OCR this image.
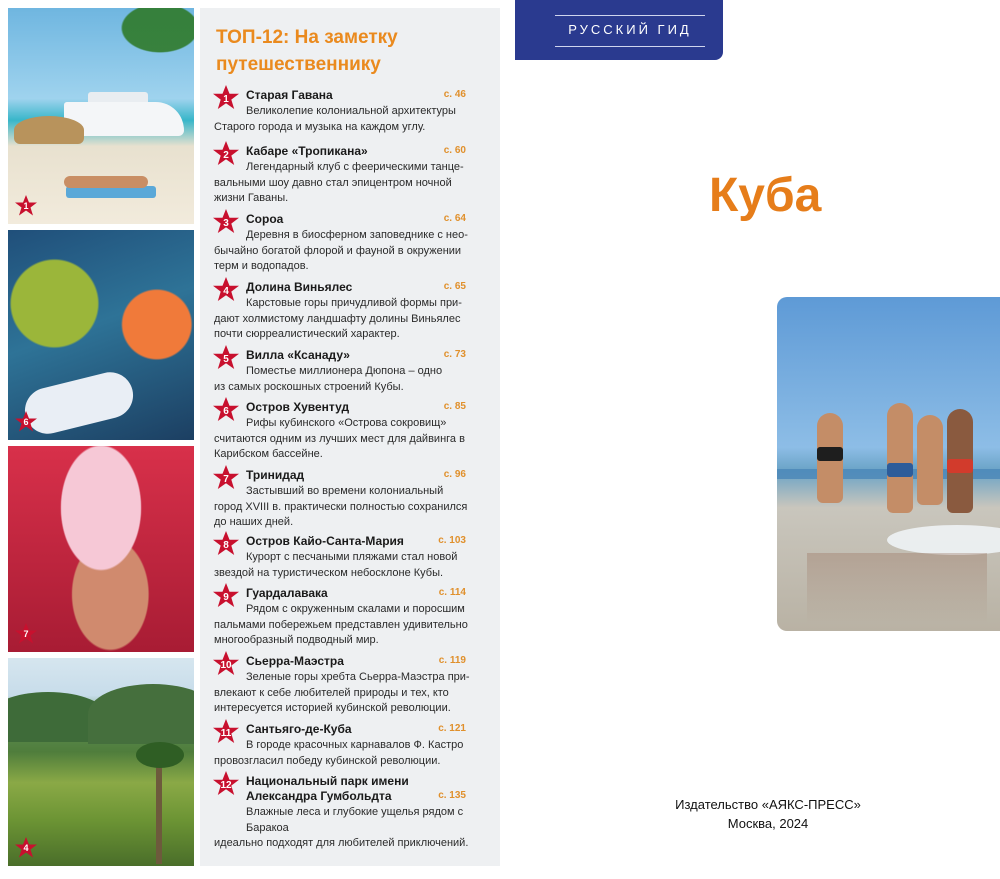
1
6
7
4
ТОП-12: На заметку путешественнику
1 Старая Гавана	с. 46
Великолепие колониальной архитектуры
Старого города и музыка на каждом углу.
2 Кабаре «Тропикана»	с. 60
Легендарный клуб с феерическими танце-
вальными шоу давно стал эпицентром ночной жизни Гаваны.
3 Сороа	с. 64
Деревня в биосферном заповеднике с нео-
бычайно богатой флорой и фауной в окружении терм и водопадов.
4 Долина Виньялес	с. 65
Карстовые горы причудливой формы при-
дают холмистому ландшафту долины Виньялес почти сюрреалистический характер.
5 Вилла «Ксанаду»	с. 73
Поместье миллионера Дюпона – одно
из самых роскошных строений Кубы.
6 Остров Хувентуд	с. 85
Рифы кубинского «Острова сокровищ»
считаются одним из лучших мест для дайвинга в Карибском бассейне.
7 Тринидад	с. 96
Застывший во времени колониальный
город XVIII в. практически полностью сохранился до наших дней.
8 Остров Кайо-Санта-Мария	с. 103
Курорт с песчаными пляжами стал новой
звездой на туристическом небосклоне Кубы.
9 Гуардалавака	с. 114
Рядом с окруженным скалами и поросшим
пальмами побережьем представлен удивительно многообразный подводный мир.
10 Сьерра-Маэстра	с. 119
Зеленые горы хребта Сьерра-Маэстра при-
влекают к себе любителей природы и тех, кто интересуется историей кубинской революции.
11 Сантьяго-де-Куба	с. 121
В городе красочных карнавалов Ф. Кастро
провозгласил победу кубинской революции.
12 Национальный парк имени Александра Гумбольдта	с. 135
Влажные леса и глубокие ущелья рядом с Баракоа
идеально подходят для любителей приключений.
РУССКИЙ ГИД
Куба
Издательство «АЯКС-ПРЕСС»
Москва, 2024
